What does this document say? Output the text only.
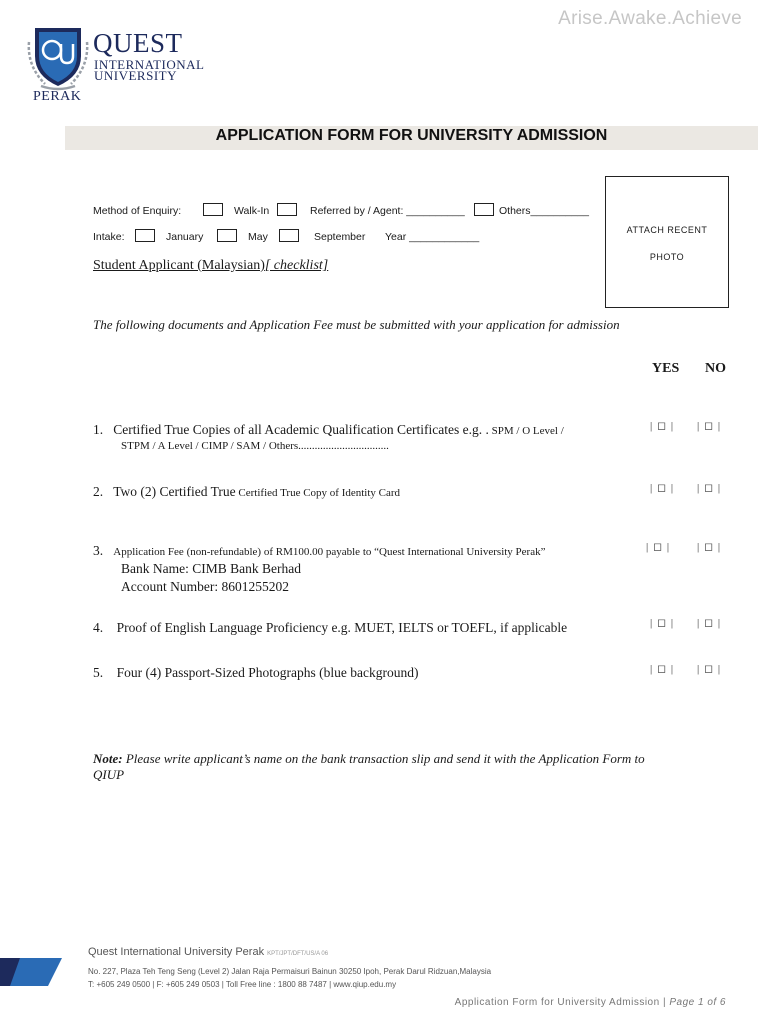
Arise.Awake.Achieve
QUEST
INTERNATIONAL
UNIVERSITY
PERAK
APPLICATION FORM FOR UNIVERSITY ADMISSION
ATTACH RECENT
PHOTO
Method of Enquiry:	Walk-In	Referred by / Agent: __________	Others__________
Intake:	January	May	September Year ____________
Student Applicant (Malaysian)[ checklist]
The following documents and Application Fee must be submitted with your application for admission
YES NO
1. Certified True Copies of all Academic Qualification Certificates e.g. . SPM / O Level /
STPM / A Level / CIMP / SAM / Others.................................
| ◻ | | ◻ |
2. Two (2) Certified True Certified True Copy of Identity Card	| ◻ | | ◻ |
3. Application Fee (non-refundable) of RM100.00 payable to “Quest International University Perak”
Bank Name: CIMB Bank Berhad
Account Number: 8601255202
| ◻ | | ◻ |
4. Proof of English Language Proficiency e.g. MUET, IELTS or TOEFL, if applicable	| ◻ | | ◻ |
5. Four (4) Passport-Sized Photographs (blue background)	| ◻ | | ◻ |
Note: Please write applicant’s name on the bank transaction slip and send it with the Application Form to
QIUP
Quest International University Perak KPT/JPT/DFT/US/A 06
No. 227, Plaza Teh Teng Seng (Level 2) Jalan Raja Permaisuri Bainun 30250 Ipoh, Perak Darul Ridzuan,Malaysia
T: +605 249 0500 | F: +605 249 0503 | Toll Free line : 1800 88 7487 | www.qiup.edu.my
Application Form for University Admission | Page 1 of 6
